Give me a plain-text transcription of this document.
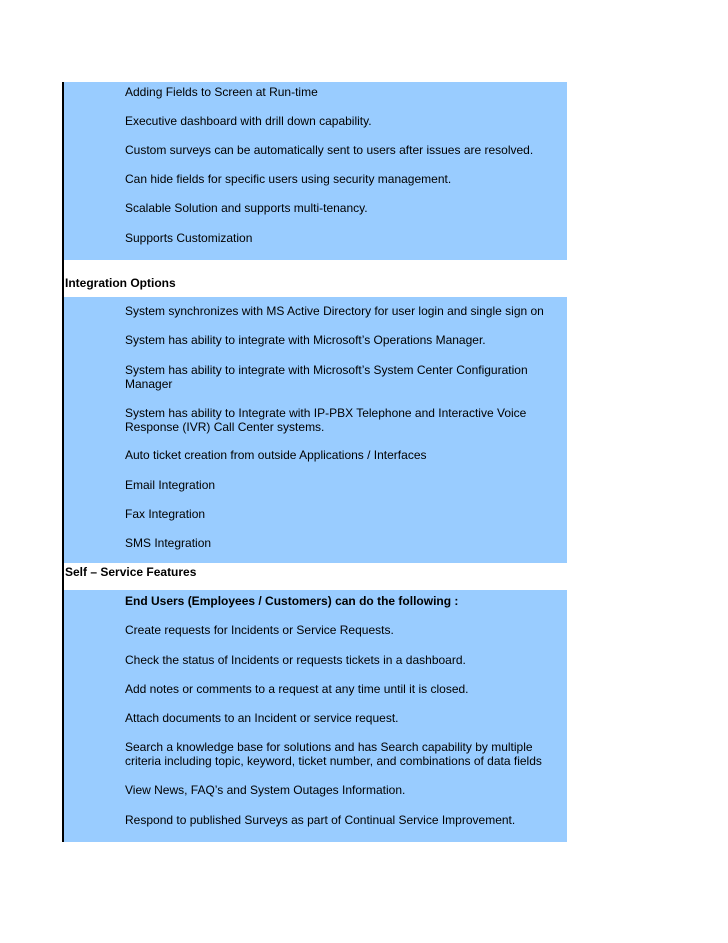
Adding Fields to Screen at Run-time
Executive dashboard with drill down capability.
Custom surveys can be automatically sent to users after issues are resolved.
Can hide fields for specific users using security management.
Scalable Solution and supports multi-tenancy.
Supports Customization
Integration Options
System synchronizes with MS Active Directory for user login and single sign on
System has ability to integrate with Microsoft’s Operations Manager.
System has ability to integrate with Microsoft’s System Center Configuration Manager
System has ability to Integrate with IP-PBX Telephone and Interactive Voice Response (IVR) Call Center systems.
Auto ticket creation from outside Applications / Interfaces
Email Integration
Fax Integration
SMS Integration
Self – Service Features
End Users (Employees / Customers) can do the following :
Create requests for Incidents or Service Requests.
Check the status of Incidents or requests tickets in a dashboard.
Add notes or comments to a request at any time until it is closed.
Attach documents to an Incident or service request.
Search a knowledge base for solutions and has Search capability by multiple criteria including topic, keyword, ticket number, and combinations of data fields
View News, FAQ’s and System Outages Information.
Respond to published Surveys as part of Continual Service Improvement.
